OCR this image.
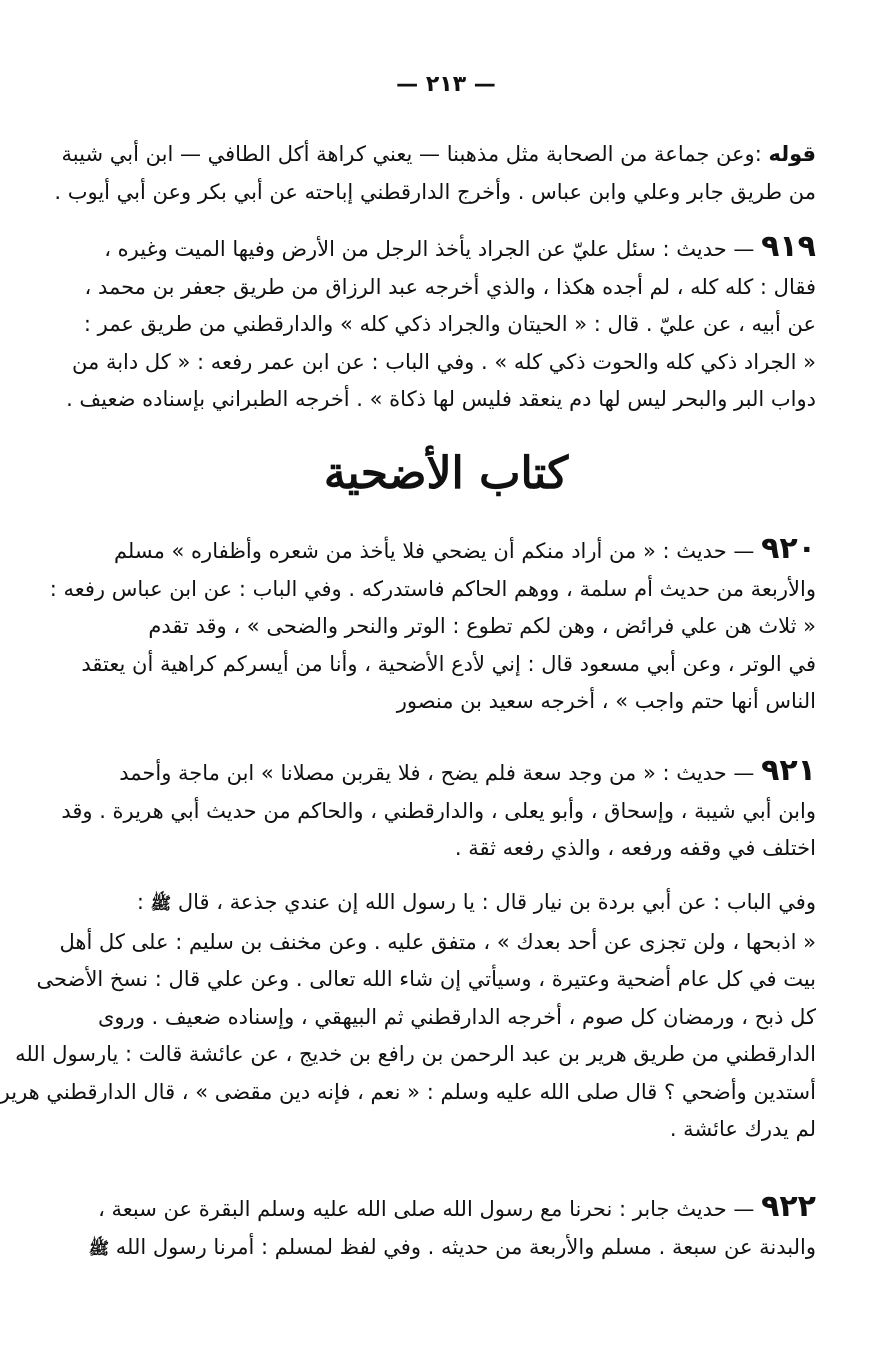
— ٢١٣ —
قوله :وعن جماعة من الصحابة مثل مذهبنا — يعني كراهة أكل الطافي — ابن أبي شيبة
من طريق جابر وعلي وابن عباس . وأخرج الدارقطني إباحته عن أبي بكر وعن أبي أيوب .
٩١٩ — حديث : سئل عليّ عن الجراد يأخذ الرجل من الأرض وفيها الميت وغيره ،
فقال : كله كله ، لم أجده هكذا ، والذي أخرجه عبد الرزاق من طريق جعفر بن محمد ،
عن أبيه ، عن عليّ . قال : « الحيتان والجراد ذكي كله » والدارقطني من طريق عمر :
« الجراد ذكي كله والحوت ذكي كله » . وفي الباب : عن ابن عمر رفعه : « كل دابة من
دواب البر والبحر ليس لها دم ينعقد فليس لها ذكاة » . أخرجه الطبراني بإسناده ضعيف .
كتاب الأضحية
٩٢٠ — حديث : « من أراد منكم أن يضحي فلا يأخذ من شعره وأظفاره » مسلم
والأربعة من حديث أم سلمة ، ووهم الحاكم فاستدركه . وفي الباب : عن ابن عباس رفعه :
« ثلاث هن علي فرائض ، وهن لكم تطوع : الوتر والنحر والضحى » ، وقد تقدم
في الوتر ، وعن أبي مسعود قال : إني لأدع الأضحية ، وأنا من أيسركم كراهية أن يعتقد
الناس أنها حتم واجب » ، أخرجه سعيد بن منصور
٩٢١ — حديث : « من وجد سعة فلم يضح ، فلا يقربن مصلانا » ابن ماجة وأحمد
وابن أبي شيبة ، وإسحاق ، وأبو يعلى ، والدارقطني ، والحاكم من حديث أبي هريرة . وقد
اختلف في وقفه ورفعه ، والذي رفعه ثقة .
وفي الباب : عن أبي بردة بن نيار قال : يا رسول الله إن عندي جذعة ، قال ﷺ :
« اذبحها ، ولن تجزى عن أحد بعدك » ، متفق عليه . وعن مخنف بن سليم : على كل أهل
بيت في كل عام أضحية وعتيرة ، وسيأتي إن شاء الله تعالى . وعن علي قال : نسخ الأضحى
كل ذبح ، ورمضان كل صوم ، أخرجه الدارقطني ثم البيهقي ، وإسناده ضعيف . وروى
الدارقطني من طريق هرير بن عبد الرحمن بن رافع بن خديج ، عن عائشة قالت : يارسول الله
أستدين وأضحي ؟ قال صلى الله عليه وسلم : « نعم ، فإنه دين مقضى » ، قال الدارقطني هرير
لم يدرك عائشة .
٩٢٢ — حديث جابر : نحرنا مع رسول الله صلى الله عليه وسلم البقرة عن سبعة ،
والبدنة عن سبعة . مسلم والأربعة من حديثه . وفي لفظ لمسلم : أمرنا رسول الله ﷺ
